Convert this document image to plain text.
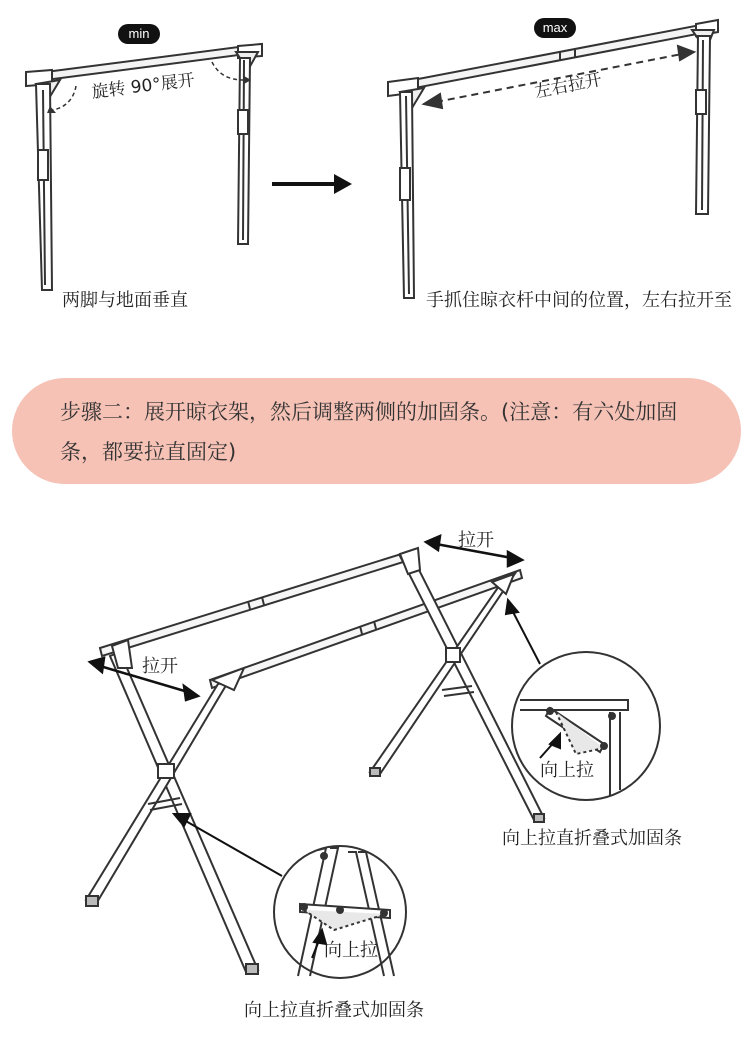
min	max
旋转 90°展开	左右拉开
两脚与地面垂直	手抓住晾衣杆中间的位置，左右拉开至
步骤二：展开晾衣架，然后调整两侧的加固条。(注意：有六处加固条，都要拉直固定)
拉开
拉开
向上拉
向上拉
向上拉直折叠式加固条
向上拉直折叠式加固条
